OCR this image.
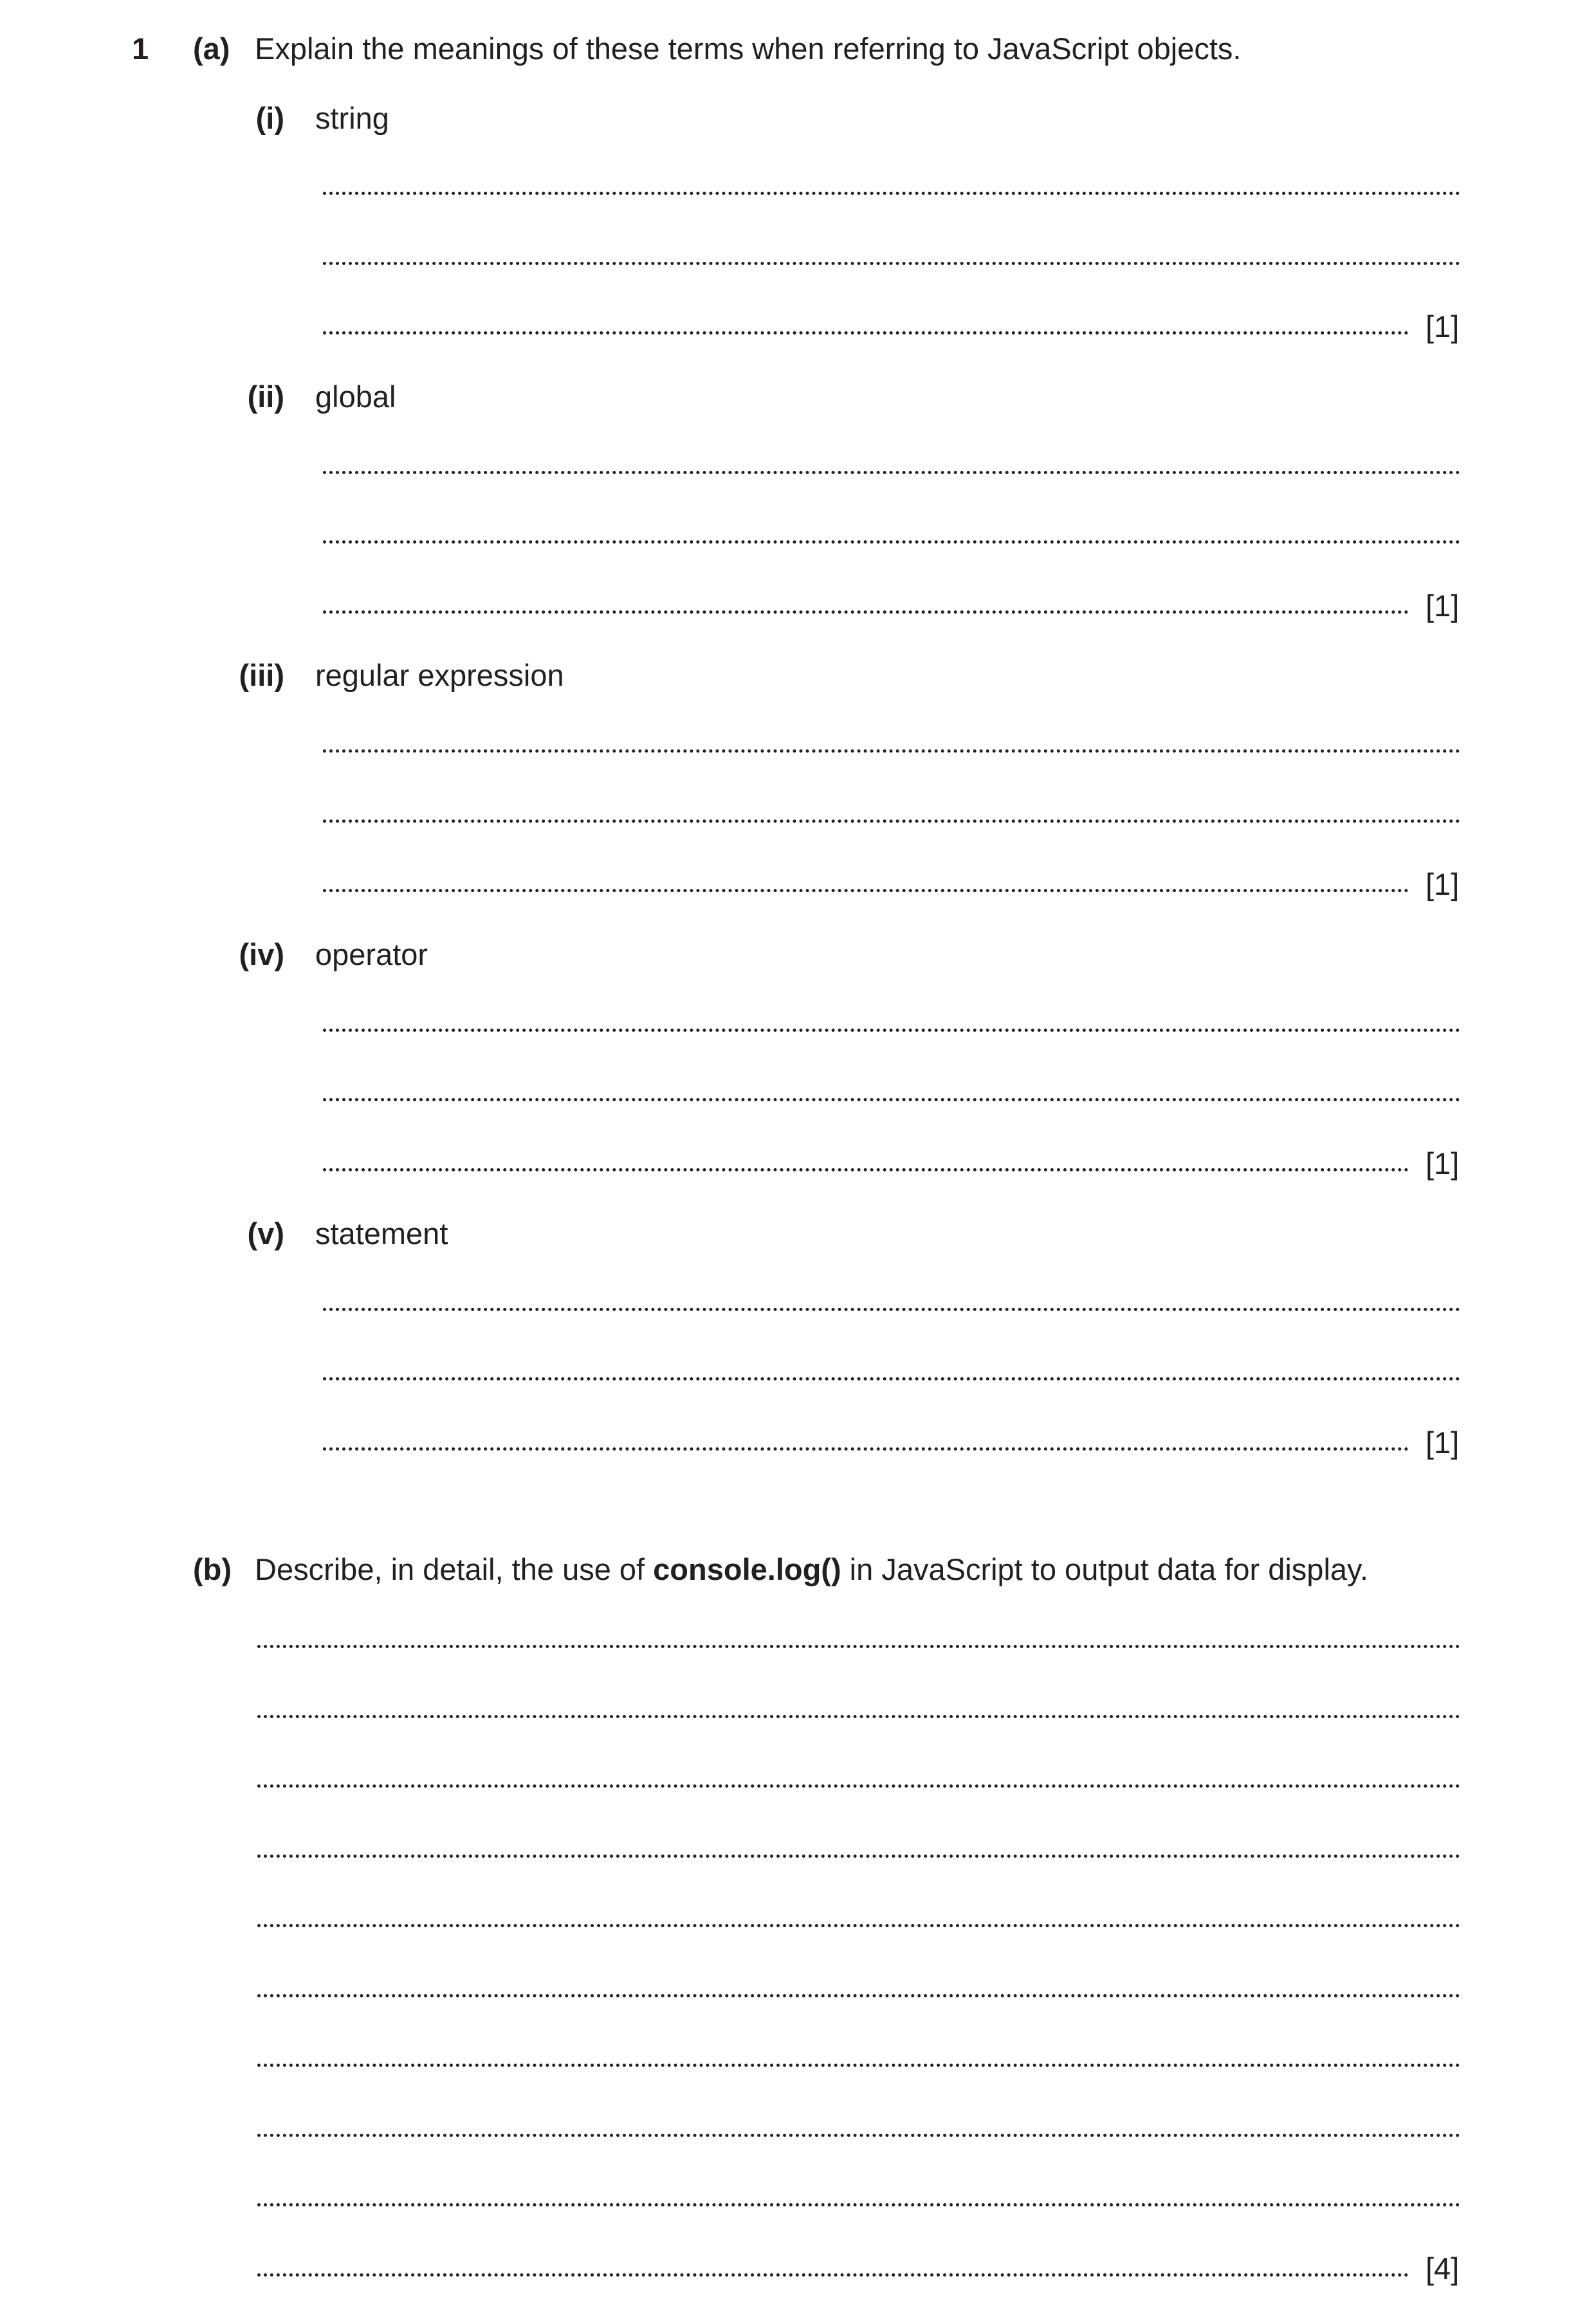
1 (a) Explain the meanings of these terms when referring to JavaScript objects.
(i) string
[1]
(ii) global
[1]
(iii) regular expression
[1]
(iv) operator
[1]
(v) statement
[1]
(b) Describe, in detail, the use of console.log() in JavaScript to output data for display.
[4]
